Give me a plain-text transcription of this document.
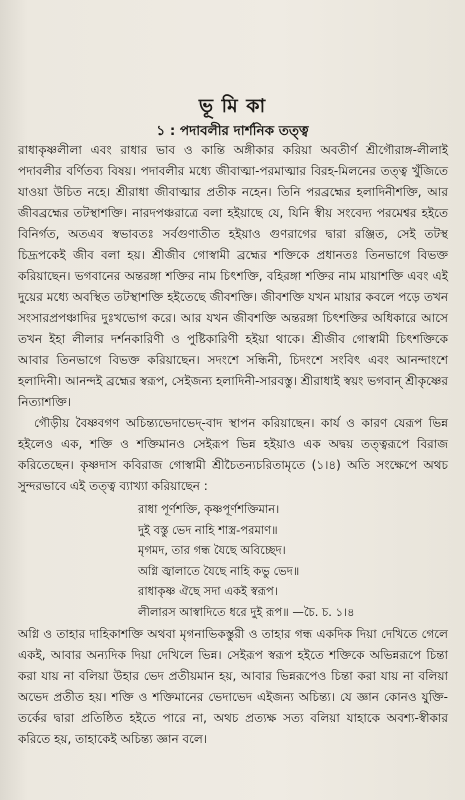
ভূ মি কা
১ : পদাবলীর দার্শনিক তত্ত্ব

রাধাকৃষ্ণলীলা এবং রাধার ভাব ও কান্তি অঙ্গীকার করিয়া অবতীর্ণ শ্রীগৌরাঙ্গ-লীলাই পদাবলীর বর্ণিতব্য বিষয়। পদাবলীর মধ্যে জীবাত্মা-পরমাত্মার বিরহ-মিলনের তত্ত্ব খুঁজিতে যাওয়া উচিত নহে। শ্রীরাধা জীবাত্মার প্রতীক নহেন। তিনি পরব্রহ্মের হলাদিনীশক্তি, আর জীবব্রহ্মের তটস্থাশক্তি। নারদপঞ্চরাত্রে বলা হইয়াছে যে, যিনি স্বীয় সংবেদ্য পরমেশ্বর হইতে বিনির্গত, অতএব স্বভাবতঃ সর্বগুণাতীত হইয়াও গুণরাগের দ্বারা রঞ্জিত, সেই তটস্থ চিদ্রূপকেই জীব বলা হয়। শ্রীজীব গোস্বামী ব্রহ্মের শক্তিকে প্রধানতঃ তিনভাগে বিভক্ত করিয়াছেন। ভগবানের অন্তরঙ্গা শক্তির নাম চিৎশক্তি, বহিরঙ্গা শক্তির নাম মায়াশক্তি এবং এই দুয়ের মধ্যে অবস্থিত তটস্থাশক্তি হইতেছে জীবশক্তি। জীবশক্তি যখন মায়ার কবলে পড়ে তখন সংসারপ্রপঞ্চাদির দুঃখভোগ করে। আর যখন জীবশক্তি অন্তরঙ্গা চিৎশক্তির অধিকারে আসে তখন ইহা লীলার দর্শনকারিণী ও পুষ্টিকারিণী হইয়া থাকে। শ্রীজীব গোস্বামী চিৎশক্তিকে আবার তিনভাগে বিভক্ত করিয়াছেন। সদংশে সন্ধিনী, চিদংশে সংবিৎ এবং আনন্দাংশে হলাদিনী। আনন্দই ব্রহ্মের স্বরূপ, সেইজন্য হলাদিনী-সারবস্তু। শ্রীরাধাই স্বয়ং ভগবান্ শ্রীকৃষ্ণের নিত্যাশক্তি।

গৌড়ীয় বৈষ্ণবগণ অচিন্ত্যভেদাভেদ্-বাদ স্থাপন করিয়াছেন। কার্য ও কারণ যেরূপ ভিন্ন হইলেও এক, শক্তি ও শক্তিমানও সেইরূপ ভিন্ন হইয়াও এক অদ্বয় তত্ত্বরূপে বিরাজ করিতেছেন। কৃষ্ণদাস কবিরাজ গোস্বামী শ্রীচৈতন্যচরিতামৃতে (১।৪) অতি সংক্ষেপে অথচ সুন্দরভাবে এই তত্ত্ব ব্যাখ্যা করিয়াছেন :

রাধা পূর্ণশক্তি, কৃষ্ণপূর্ণশক্তিমান।
দুই বস্তু ভেদ নাহি শাস্ত্র-পরমাণ॥
মৃগমদ, তার গন্ধ যৈছে অবিচ্ছেদ।
অগ্নি জ্বালাতে যৈছে নাহি কভু ভেদ॥
রাধাকৃষ্ণ ঐছে সদা একই স্বরূপ।
লীলারস আস্বাদিতে ধরে দুই রূপ॥ —চৈ. চ. ১।৪

অগ্নি ও তাহার দাহিকাশক্তি অথবা মৃগনাভিকস্তুরী ও তাহার গন্ধ একদিক দিয়া দেখিতে গেলে একই, আবার অন্যদিক দিয়া দেখিলে ভিন্ন। সেইরূপ স্বরূপ হইতে শক্তিকে অভিন্নরূপে চিন্তা করা যায় না বলিয়া উহার ভেদ প্রতীয়মান হয়, আবার ভিন্নরূপেও চিন্তা করা যায় না বলিয়া অভেদ প্রতীত হয়। শক্তি ও শক্তিমানের ভেদাভেদ এইজন্য অচিন্ত্য। যে জ্ঞান কোনও যুক্তি-তর্কের দ্বারা প্রতিষ্ঠিত হইতে পারে না, অথচ প্রত্যক্ষ সত্য বলিয়া যাহাকে অবশ্য-স্বীকার করিতে হয়, তাহাকেই অচিন্ত্য জ্ঞান বলে।
